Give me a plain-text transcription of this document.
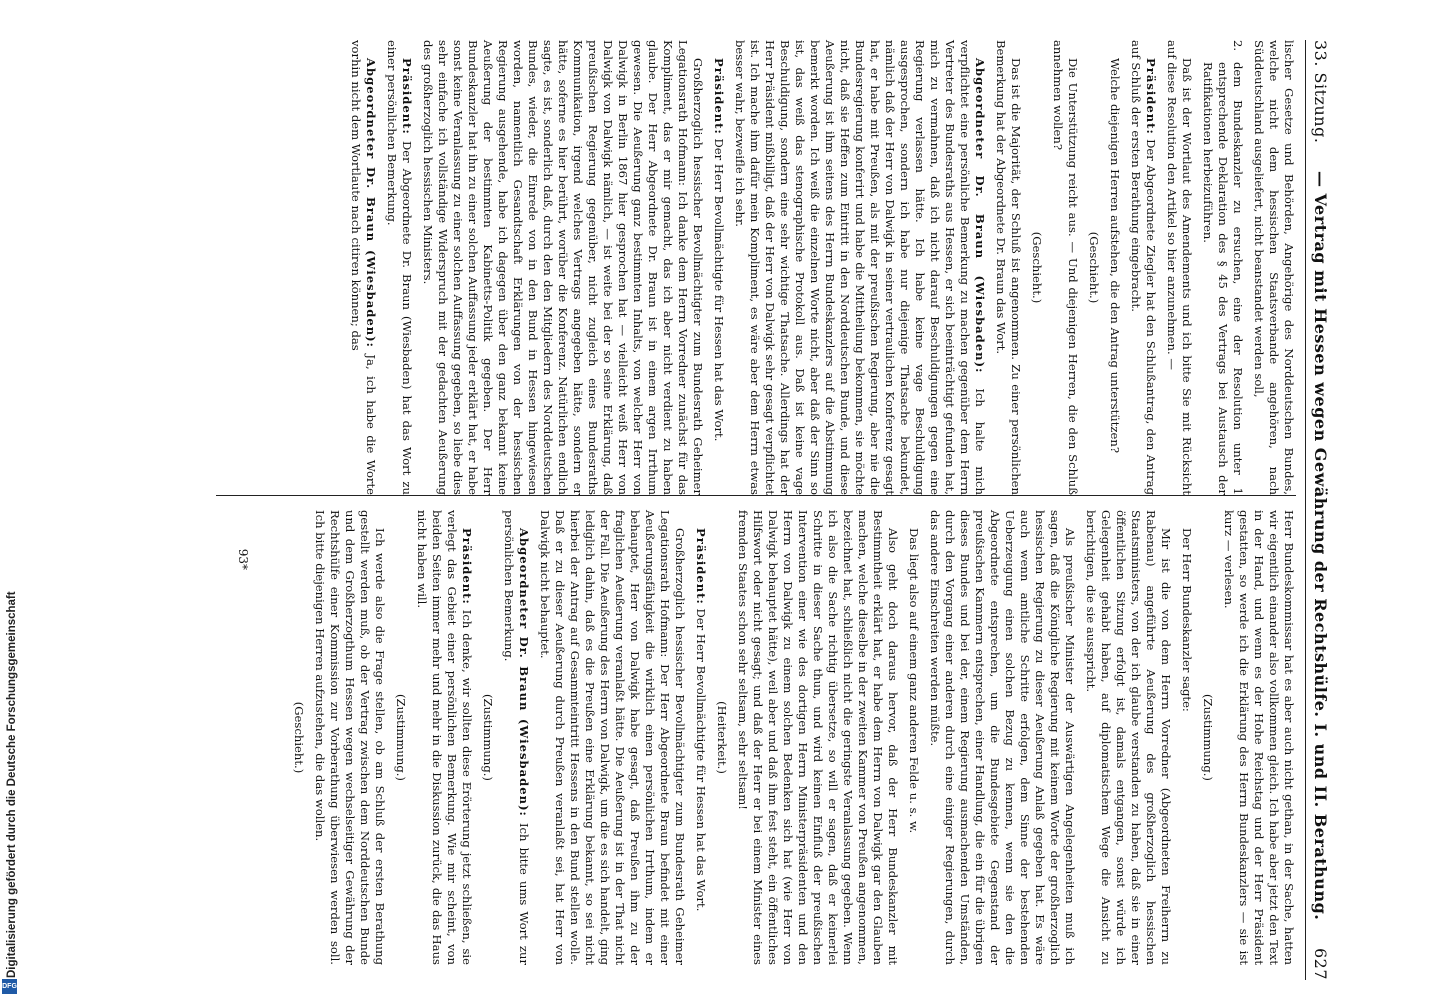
Digitalisierung gefördert durch die Deutsche Forschungsgemeinschaft
DFG
33. Sitzung.
— Vertrag mit Hessen wegen Gewährung der Rechtshülfe. I. und II. Berathung.
627

lischer Gesetze und Behörden, Angehörige des Norddeutschen Bundes, welche nicht dem hessischen Staatsverbande angehören, nach Süddeutschland ausgeliefert, nicht beanstandet werden soll,

2.
dem Bundeskanzler zu ersuchen, eine der Resolution unter 1 entsprechende Deklaration des § 45 des Vertrags bei Austausch der Ratifikationen herbeizuführen.

Daß ist der Wortlaut des Amendements und ich bitte Sie mit Rücksicht auf diese Resolution den Artikel so hier anzunehmen. —

Präsident: Der Abgeordnete Ziegler hat den Schlußantrag, den Antrag auf Schluß der ersten Berathung eingebracht.

Welche diejenigen Herren aufstehen, die den Antrag unterstützen?

(Geschieht.)

Die Unterstützung reicht aus. — Und diejenigen Herren, die den Schluß annehmen wollen?

(Geschieht.)

Das ist die Majorität, der Schluß ist angenommen. Zu einer persönlichen Bemerkung hat der Abgeordnete Dr. Braun das Wort.

Abgeordneter Dr. Braun (Wiesbaden): Ich halte mich verpflichtet eine persönliche Bemerkung zu machen gegenüber dem Herrn Vertreter des Bundesraths aus Hessen, er sich beeinträchtigt gefunden hat, mich zu vermahnen, daß ich nicht darauf Beschuldigungen gegen eine Regierung verlassen hätte. Ich habe keine vage Beschuldigung ausgesprochen, sondern ich habe nur diejenige Thatsache bekundet, nämlich daß der Herr von Dalwigk in seiner vertraulichen Konferenz gesagt hat, er habe mit Preußen, als mit der preußischen Regierung, aber nie die Bundesregierung konferirt und habe die Mittheilung bekommen, sie möchte nicht, daß sie Heffen zum Eintritt in den Norddeutschen Bunde, und diese Aeußerung ist ihm seitens des Herrn Bundeskanzlers auf die Abstimmung bemerkt worden. Ich weiß die einzelnen Worte nicht, aber daß der Sinn so ist, das weiß das stenographische Protokoll aus. Daß ist keine vage Beschuldigung, sondern eine sehr wichtige Thatsache. Allerdings hat der Herr Präsident mißbilligt, daß der Herr von Dalwigk sehr gesagt verpflichtet ist. Ich mache ihm dafür mein Kompliment, es wäre aber dem Herrn etwas besser wahr, bezweifle ich sehr.

Präsident: Der Herr Bevollmächtigte für Hessen hat das Wort.

Großherzoglich hessischer Bevollmächtigter zum Bundesrath Geheimer Legationsrath Hofmann: Ich danke dem Herrn Vorredner zunächst für das Kompliment, das er mir gemacht, das ich aber nicht verdient zu haben glaube. Der Herr Abgeordnete Dr. Braun ist in einem argen Irrthum gewesen. Die Aeußerung ganz bestimmten Inhalts, von welcher Herr von Dalwigk in Berlin 1867 hier gesprochen hat — vielleicht weiß Herr von Dalwigk von Dalwigk nämlich, — ist weite bei der so seine Erklärung, daß preußischen Regierung gegenüber, nicht zugleich eines Bundesraths Kommunikation, irgend welches Vertrags angegeben hätte, sondern er hätte, soferne es hier berührt, worüber die Konferenz. Natürlichen endlich sagte, es ist, sonderlich daß, durch den den Mitgliedern des Norddeutschen Bundes, wieder, die Einrede von in den Bund in Hessen hingewiesen worden, namentlich Gesandtschaft Erklärungen von der hessischen Regierung ausgehende, habe ich dagegen über den ganz bekannt keine Aeußerung der bestimmten Kabinetts-Politik gegeben. Der Herr Bundeskanzler hat ihn zu einer solchen Auffassung jeder erklärt hat, er habe sonst keine Veranlassung zu einer solchen Auffassung gegeben, so liebe dies sehr einfache ich vollständige Widerspruch mit der gedachten Aeußerung des großherzoglich hessischen Ministers.

Präsident: Der Abgeordnete Dr. Braun (Wiesbaden) hat das Wort zu einer persönlichen Bemerkung.

Abgeordneter Dr. Braun (Wiesbaden): Ja, ich habe die Worte vorhin nicht dem Wortlaute nach citiren können; das

Herr Bundeskommissar hat es aber auch nicht gethan, in der Sache, hatten wir eigentlich einander also vollkommen gleich. Ich habe aber jetzt den Text in der Hand, und wenn es der Hohe Reichstag und der Herr Präsident gestatten, so werde ich die Erklärung des Herrn Bundeskanzlers — sie ist kurz — verlesen.

(Zustimmung.)

Der Herr Bundeskanzler sagte:

Mir ist die von dem Herrn Vorredner (Abgeordneten Freiherrn zu Rabenau) angeführte Aeußerung des großherzoglich hessischen Staatsministers, von der ich glaube verstanden zu haben, daß sie in einer öffentlichen Sitzung erfolgt ist, damals entgangen, sonst würde ich Gelegenheit gehabt haben, auf diplomatischem Wege die Ansicht zu berichtigen, die sie ausspricht.

Als preußischer Minister der Auswärtigen Angelegenheiten muß ich sagen, daß die Königliche Regierung mit keinem Worte der großherzoglich hessischen Regierung zu dieser Aeußerung Anlaß gegeben hat. Es wäre auch wenn amtliche Schritte erfolgen, dem Sinne der bestehenden Ueberzeugung einen solchen Bezug zu kennen, wenn sie den die Abgeordnete entsprechen, um die Bundesgebiete Gegenstand der preußischen Kammern entsprechen, einer Handlung, die ein für die übrigen dieses Bundes und bei der, einem Regierung ausmachenden Umständen, durch den Vorgang einer anderen durch eine einiger Regierungen, durch das andere Einschreiten werden müßte.

Das liegt also auf einem ganz anderen Felde u. s. w.

Also geht doch daraus hervor, daß der Herr Bundeskanzler mit Bestimmtheit erklärt hat, er habe dem Herrn von Dalwigk gar den Glauben machen, welche dieselbe in der zweiten Kammer von Preußen angenommen, bezeichnet hat, schließlich nicht die geringste Veranlassung gegeben. Wenn ich also die Sache richtig übersetze, so will er sagen, daß er keinerlei Schritte in dieser Sache thun, und wird keinen Einfluß der preußischen Intervention einer wie des dortigen Herrn Ministerpräsidenten und den Herrn von Dalwigk zu einem solchen Bedenken sich hat (wie Herr von Dalwigk behauptet hätte), weil aber und daß ihm fest steht, ein öffentliches Hilfswort oder nicht gesagt; und daß der Herr er bei einem Minister eines fremden Staates schon sehr seltsam, sehr seltsam!

(Heiterkeit.)

Präsident: Der Herr Bevollmächtigte für Hessen hat das Wort.

Großherzoglich hessischer Bevollmächtigter zum Bundesrath Geheimer Legationsrath Hofmann: Der Herr Abgeordnete Braun befindet mit einer Aeußerungsfähigkeit die wirklich einen persönlichen Irrthum, indem er behauptet, Herr von Dalwigk habe gesagt, daß Preußen ihm zu der fraglichen Aeußerung veranlaßt hätte. Die Aeußerung ist in der That nicht der Fall. Die Aeußerung des Herrn von Dalwigk, um die es sich handelt, ging lediglich dahin, daß es die Preußen eine Erklärung bekannt, so sei nicht hierbei der Antrag auf Gesammteintritt Hessens in den Bund stellen wolle. Daß er zu dieser Aeußerung durch Preußen veranlaßt sei, hat Herr von Dalwigk nicht behauptet.

Abgeordneter Dr. Braun (Wiesbaden): Ich bitte ums Wort zur persönlichen Bemerkung.

(Zustimmung.)

Präsident: Ich denke, wir sollten diese Erörterung jetzt schließen, sie verlegt das Gebiet einer persönlichen Bemerkung. Wie mir scheint, von beiden Seiten immer mehr und mehr in die Diskussion zurück, die das Haus nicht haben will.

(Zustimmung.)

Ich werde also die Frage stellen, ob am Schluß der ersten Berathung gestellt werden muß, ob der Vertrag zwischen dem Norddeutschen Bunde und dem Großherzogthum Hessen wegen wechselseitiger Gewährung der Rechtshülfe einer Kommission zur Vorberathung überwiesen werden soll. Ich bitte diejenigen Herren aufzustehen, die das wollen.

(Geschieht.)

93*
